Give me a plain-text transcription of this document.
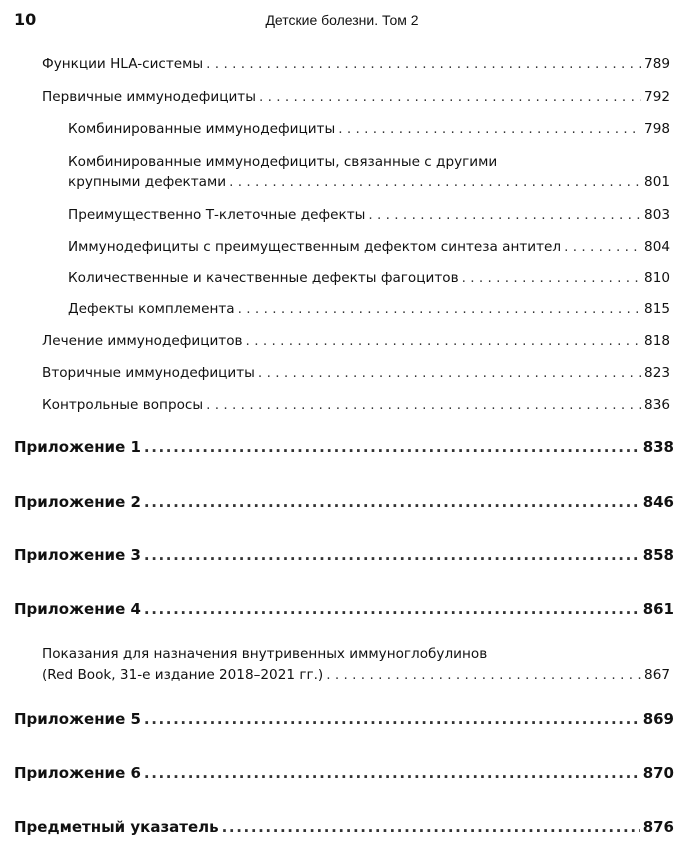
10	Детские болезни. Том 2
Функции HLA-системы . . .	789
Первичные иммунодефициты . . .	792
Комбинированные иммунодефициты . . .	798
Комбинированные иммунодефициты, связанные с другими
крупными дефектами . . .	801
Преимущественно Т-клеточные дефекты . . .	803
Иммунодефициты с преимущественным дефектом синтеза антител . . .	804
Количественные и качественные дефекты фагоцитов . . .	810
Дефекты комплемента . . .	815
Лечение иммунодефицитов . . .	818
Вторичные иммунодефициты . . .	823
Контрольные вопросы . . .	836
Приложение 1 .....	838
Приложение 2 .....	846
Приложение 3 .....	858
Приложение 4 .....	861
Показания для назначения внутривенных иммуноглобулинов
(Red Book, 31-е издание 2018–2021 гг.) . . .	867
Приложение 5 .....	869
Приложение 6 .....	870
Предметный указатель .....	876
